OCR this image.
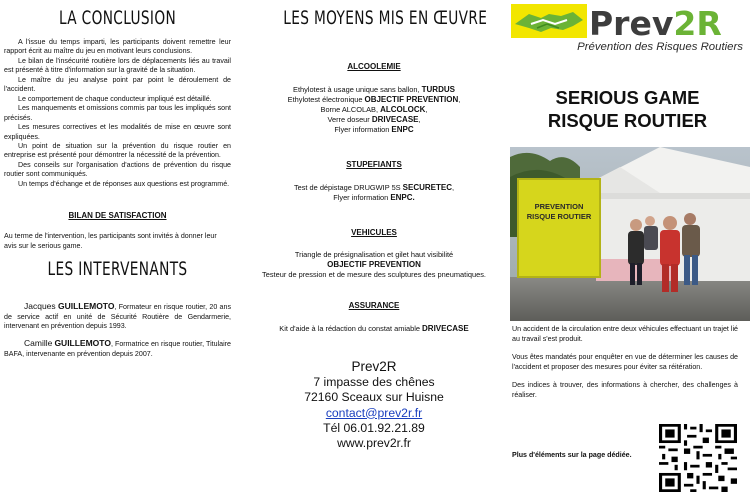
LA CONCLUSION

A l'issue du temps imparti, les participants doivent remettre leur rapport écrit au maître du jeu en motivant leurs conclusions.

Le bilan de l'insécurité routière lors de déplacements liés au travail est présenté à titre d'information sur la gravité de la situation.

Le maître du jeu analyse point par point le déroulement de l'accident.

Le comportement de chaque conducteur impliqué est détaillé.

Les manquements et omissions commis par tous les impliqués sont précisés.

Les mesures correctives et les modalités de mise en œuvre sont expliquées.

Un point de situation sur la prévention du risque routier en entreprise est présenté pour démontrer la nécessité de la prévention.

Des conseils sur l'organisation d'actions de prévention du risque routier sont communiqués.

Un temps d'échange et de réponses aux questions est programmé.

BILAN DE SATISFACTION

Au terme de l'intervention, les participants sont invités à donner leur avis sur le serious game.

LES INTERVENANTS

Jacques GUILLEMOTO, Formateur en risque routier, 20 ans de service actif en unité de Sécurité Routière de Gendarmerie, intervenant en prévention depuis 1993.

Camille GUILLEMOTO, Formatrice en risque routier, Titulaire BAFA, intervenante en prévention depuis 2007.

LES MOYENS MIS EN ŒUVRE
ALCOOLEMIE
Ethylotest à usage unique sans ballon, TURDUS
Ethylotest électronique OBJECTIF PREVENTION,
Borne ALCOLAB, ALCOLOCK,
Verre doseur DRIVECASE,
Flyer information ENPC
STUPEFIANTS
Test de dépistage DRUGWIP 5S SECURETEC,
Flyer information ENPC.
VEHICULES
Triangle de présignalisation et gilet haut visibilité
OBJECTIF PREVENTION
Testeur de pression et de mesure des sculptures des pneumatiques.
ASSURANCE
Kit d'aide à la rédaction du constat amiable DRIVECASE
Prev2R
7 impasse des chênes
72160 Sceaux sur Huisne
contact@prev2r.fr
Tél 06.01.92.21.89
www.prev2r.fr
Prev2R
Prévention des Risques Routiers
SERIOUS GAME
RISQUE ROUTIER
PREVENTION
RISQUE ROUTIER

Un accident de la circulation entre deux véhicules effectuant un trajet lié au travail s'est produit.

Vous êtes mandatés pour enquêter en vue de déterminer les causes de l'accident et proposer des mesures pour éviter sa réitération.

Des indices à trouver, des informations à chercher, des challenges à réaliser.

Plus d'éléments sur la page dédiée.
